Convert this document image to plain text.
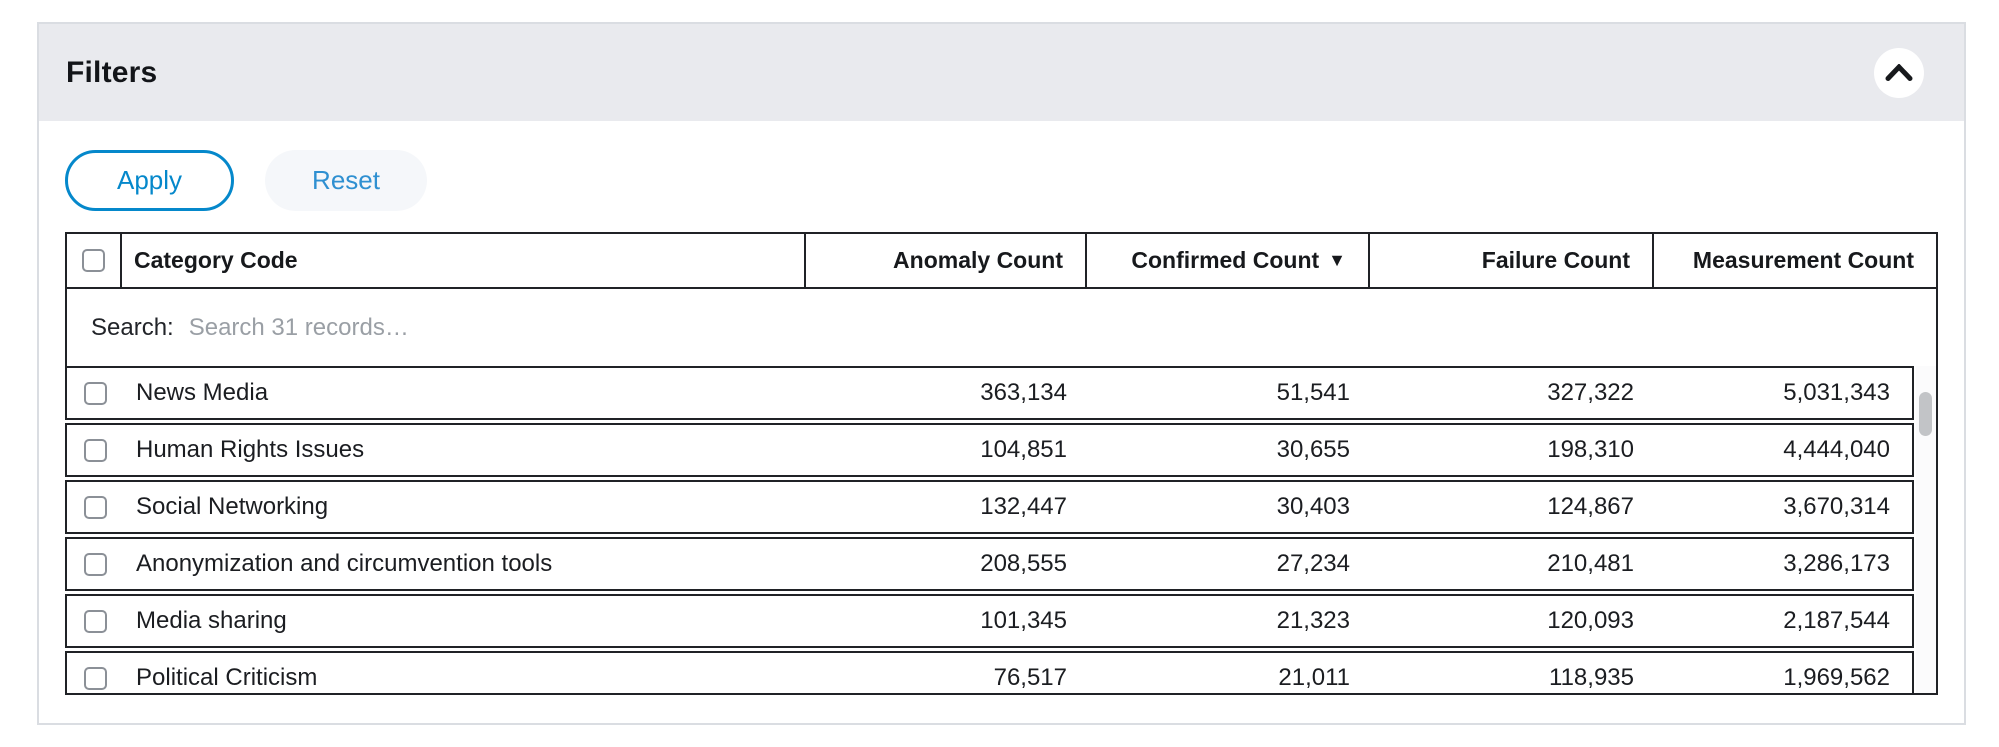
Filters
Apply	Reset
Category Code	Anomaly Count	Confirmed Count ▼	Failure Count	Measurement Count
Search:
Search 31 records…
News Media	363,134	51,541	327,322	5,031,343
Human Rights Issues	104,851	30,655	198,310	4,444,040
Social Networking	132,447	30,403	124,867	3,670,314
Anonymization and circumvention tools	208,555	27,234	210,481	3,286,173
Media sharing	101,345	21,323	120,093	2,187,544
Political Criticism	76,517	21,011	118,935	1,969,562
